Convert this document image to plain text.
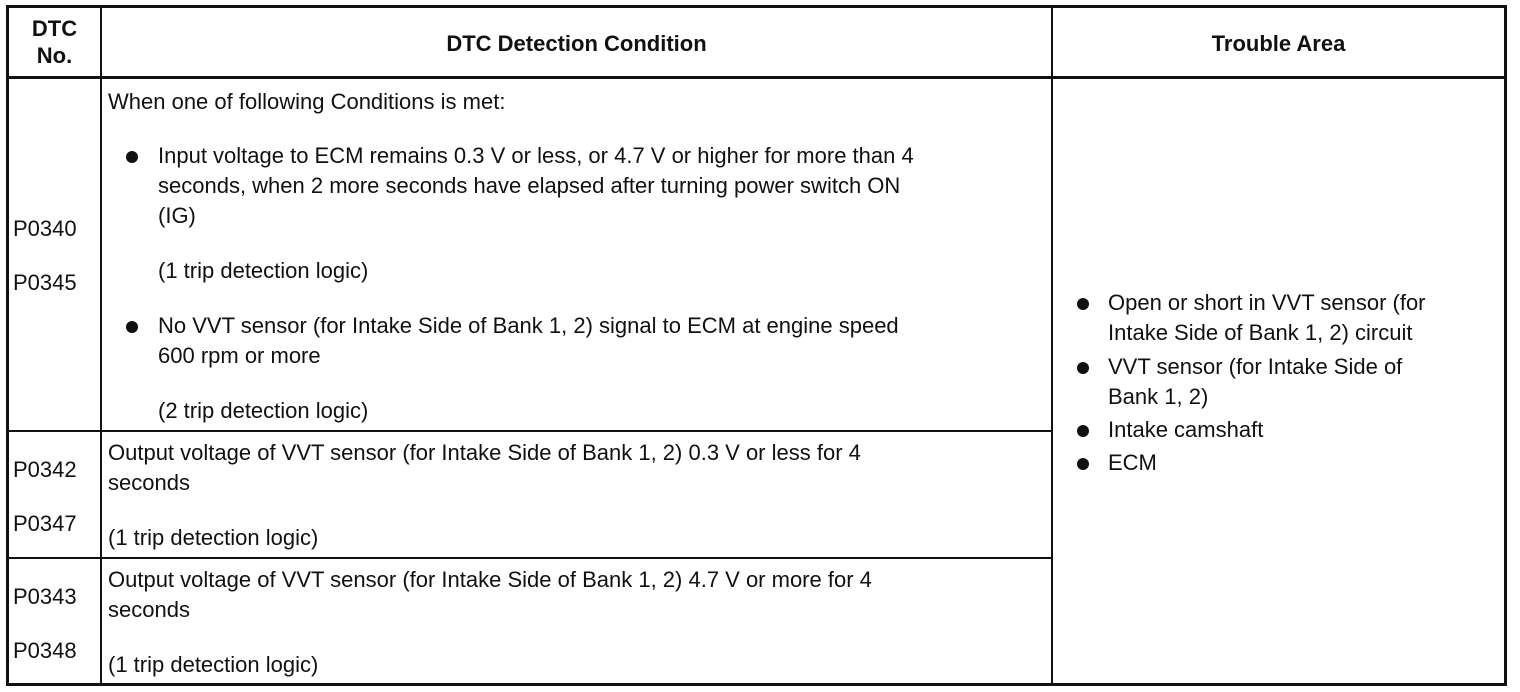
DTC
No.	DTC Detection Condition	Trouble Area
P0340
P0345
When one of following Conditions is met:
Input voltage to ECM remains 0.3 V or less, or 4.7 V or higher for more than 4
seconds, when 2 more seconds have elapsed after turning power switch ON
(IG)
(1 trip detection logic)
No VVT sensor (for Intake Side of Bank 1, 2) signal to ECM at engine speed
600 rpm or more
(2 trip detection logic)
P0342
P0347
Output voltage of VVT sensor (for Intake Side of Bank 1, 2) 0.3 V or less for 4
seconds
(1 trip detection logic)
P0343
P0348
Output voltage of VVT sensor (for Intake Side of Bank 1, 2) 4.7 V or more for 4
seconds
(1 trip detection logic)
Open or short in VVT sensor (for
Intake Side of Bank 1, 2) circuit
VVT sensor (for Intake Side of
Bank 1, 2)
Intake camshaft
ECM
